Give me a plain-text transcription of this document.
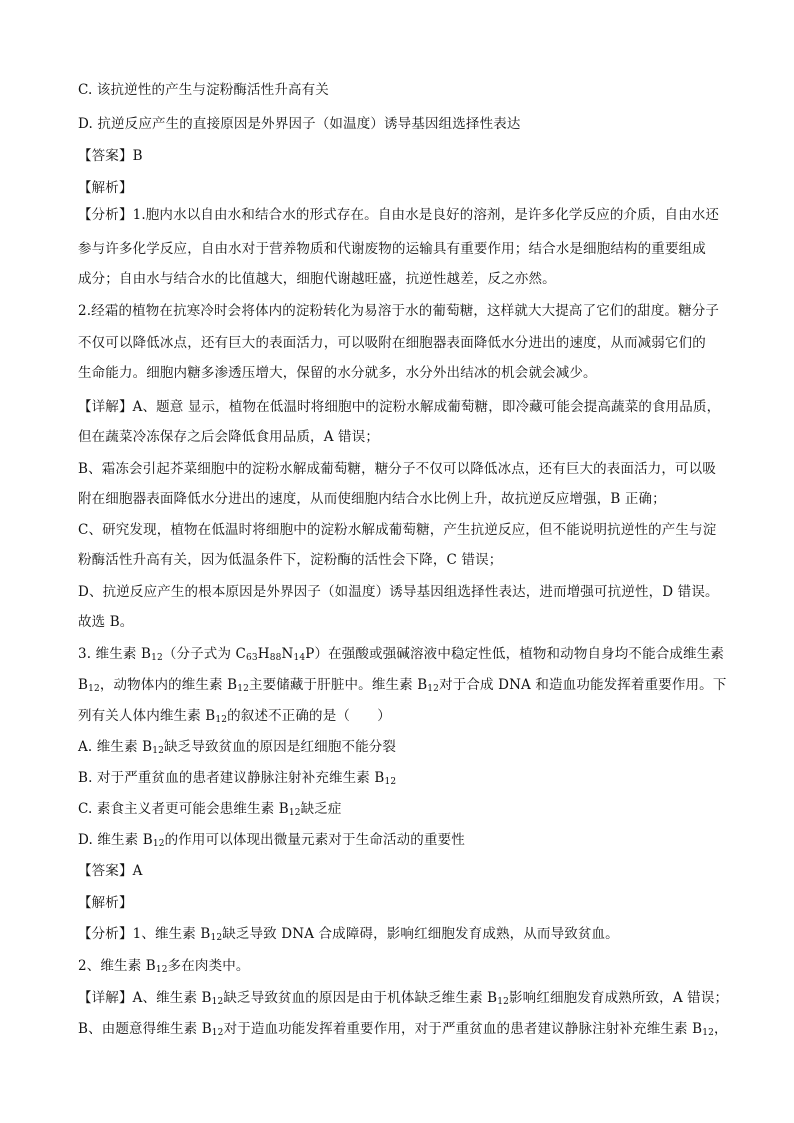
C. 该抗逆性的产生与淀粉酶活性升高有关
D. 抗逆反应产生的直接原因是外界因子（如温度）诱导基因组选择性表达
【答案】B
【解析】
【分析】1.胞内水以自由水和结合水的形式存在。自由水是良好的溶剂，是许多化学反应的介质，自由水还
参与许多化学反应，自由水对于营养物质和代谢废物的运输具有重要作用；结合水是细胞结构的重要组成
成分；自由水与结合水的比值越大，细胞代谢越旺盛，抗逆性越差，反之亦然。
2.经霜的植物在抗寒冷时会将体内的淀粉转化为易溶于水的葡萄糖，这样就大大提高了它们的甜度。糖分子
不仅可以降低冰点，还有巨大的表面活力，可以吸附在细胞器表面降低水分进出的速度，从而减弱它们的
生命能力。细胞内糖多渗透压增大，保留的水分就多，水分外出结冰的机会就会减少。
【详解】A、题意 显示，植物在低温时将细胞中的淀粉水解成葡萄糖，即冷藏可能会提高蔬菜的食用品质，
但在蔬菜冷冻保存之后会降低食用品质，A 错误；
B、霜冻会引起芥菜细胞中的淀粉水解成葡萄糖，糖分子不仅可以降低冰点，还有巨大的表面活力，可以吸
附在细胞器表面降低水分进出的速度，从而使细胞内结合水比例上升，故抗逆反应增强，B 正确；
C、研究发现，植物在低温时将细胞中的淀粉水解成葡萄糖，产生抗逆反应，但不能说明抗逆性的产生与淀
粉酶活性升高有关，因为低温条件下，淀粉酶的活性会下降，C 错误；
D、抗逆反应产生的根本原因是外界因子（如温度）诱导基因组选择性表达，进而增强可抗逆性，D 错误。
故选 B。
3. 维生素 $B_{12}$（分子式为 $C_{63}H_{88}N_{14}P$）在强酸或强碱溶液中稳定性低，植物和动物自身均不能合成维生素
$B_{12}$，动物体内的维生素 $B_{12}$主要储藏于肝脏中。维生素 $B_{12}$对于合成 DNA 和造血功能发挥着重要作用。下
列有关人体内维生素 $B_{12}$的叙述不正确的是（　　）
A. 维生素 $B_{12}$缺乏导致贫血的原因是红细胞不能分裂
B. 对于严重贫血的患者建议静脉注射补充维生素 $B_{12}$
C. 素食主义者更可能会患维生素 $B_{12}$缺乏症
D. 维生素 $B_{12}$的作用可以体现出微量元素对于生命活动的重要性
【答案】A
【解析】
【分析】1、维生素 $B_{12}$缺乏导致 DNA 合成障碍，影响红细胞发育成熟，从而导致贫血。
2、维生素 $B_{12}$多在肉类中。
【详解】A、维生素 $B_{12}$缺乏导致贫血的原因是由于机体缺乏维生素 $B_{12}$影响红细胞发育成熟所致，A 错误；
B、由题意得维生素 $B_{12}$对于造血功能发挥着重要作用，对于严重贫血的患者建议静脉注射补充维生素 $B_{12}$，
